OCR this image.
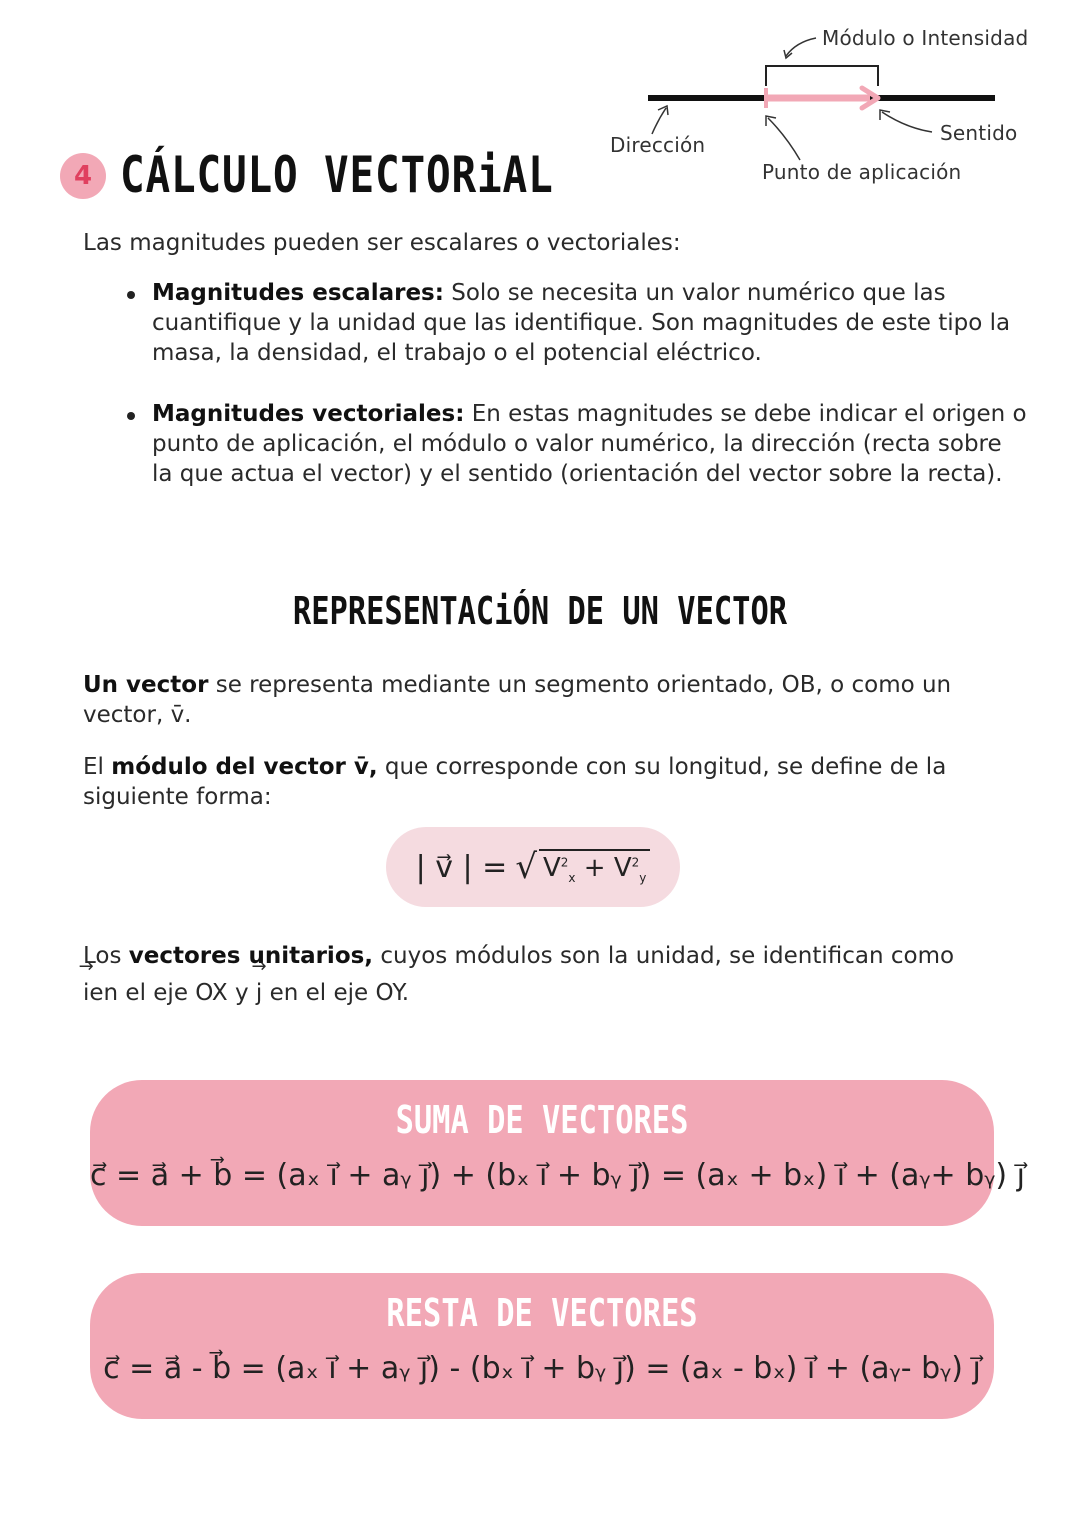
Módulo o Intensidad
Dirección	Sentido
Punto de aplicación
4 CÁLCULO VECTORiAL
Las magnitudes pueden ser escalares o vectoriales:
Magnitudes escalares: Solo se necesita un valor numérico que las cuantifique y la unidad que las identifique. Son magnitudes de este tipo la masa, la densidad, el trabajo o el potencial eléctrico.
Magnitudes vectoriales: En estas magnitudes se debe indicar el origen o punto de aplicación, el módulo o valor numérico, la dirección (recta sobre la que actua el vector) y el sentido (orientación del vector sobre la recta).
REPRESENTACiÓN DE UN VECTOR
Un vector se representa mediante un segmento orientado, OB, o como un vector, v̄.
El módulo del vector v̄, que corresponde con su longitud, se define de la siguiente forma:
| v⃗ | = √ $V^2_x + V^2_y$
Los vectores unitarios, cuyos módulos son la unidad, se identifican como
→ ien el eje OX y → j en el eje OY.
SUMA DE VECTORES
c⃗ = a⃗ + b⃗ = (aₓ i⃗ + aᵧ j⃗) + (bₓ i⃗ + bᵧ j⃗) = (aₓ + bₓ) i⃗ + (aᵧ+ bᵧ) j⃗
RESTA DE VECTORES
c⃗ = a⃗ - b⃗ = (aₓ i⃗ + aᵧ j⃗) - (bₓ i⃗ + bᵧ j⃗) = (aₓ - bₓ) i⃗ + (aᵧ- bᵧ) j⃗
